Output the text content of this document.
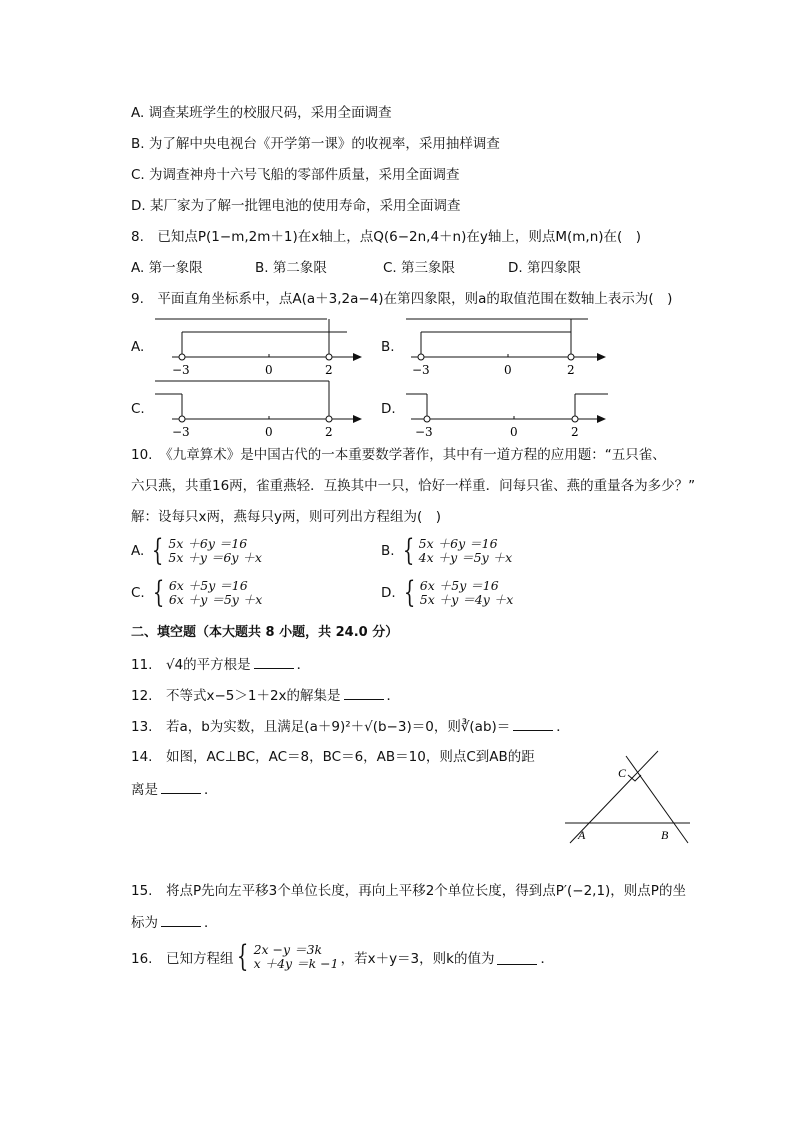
A. 调查某班学生的校服尺码，采用全面调查
B. 为了解中央电视台《开学第一课》的收视率，采用抽样调查
C. 为调查神舟十六号飞船的零部件质量，采用全面调查
D. 某厂家为了解一批锂电池的使用寿命，采用全面调查
8.　已知点P(1−m,2m＋1)在x轴上，点Q(6−2n,4＋n)在y轴上，则点M(m,n)在(　)
A. 第一象限	B. 第二象限	C. 第三象限	D. 第四象限
9.　平面直角坐标系中，点A(a＋3,2a−4)在第四象限，则a的取值范围在数轴上表示为(　)
A.
−3	0	2
B.
−3	0	2
C.
−3	0	2
D.
−3	0	2
10.　《九章算术》是中国古代的一本重要数学著作，其中有一道方程的应用题：“五只雀、
六只燕，共重16两，雀重燕轻．互换其中一只，恰好一样重．问每只雀、燕的重量各为多少？”
解：设每只x两，燕每只y两，则可列出方程组为(　)
A. { 5x ＋6y ＝16
5x ＋y ＝6y ＋x	B. { 5x ＋6y ＝16
4x ＋y ＝5y ＋x
C. { 6x ＋5y ＝16
6x ＋y ＝5y ＋x	D. { 6x ＋5y ＝16
5x ＋y ＝4y ＋x
二、填空题（本大题共 8 小题，共 24.0 分）
11.　√4的平方根是	．
12.　不等式x−5＞1＋2x的解集是	．
13.　若a，b为实数，且满足(a＋9)²＋√(b−3)＝0，则∛(ab)＝	．
14.　如图，AC⊥BC，AC＝8，BC＝6，AB＝10，则点C到AB的距
离是	．
C
A	B
15.　将点P先向左平移3个单位长度，再向上平移2个单位长度，得到点P′(−2,1)，则点P的坐
标为	．
16.　已知方程组 { 2x −y ＝3k
x ＋4y ＝k −1 ，若x＋y＝3，则k的值为	．
